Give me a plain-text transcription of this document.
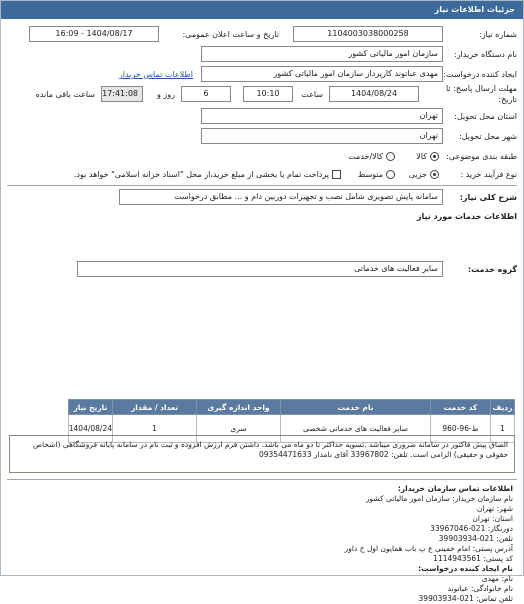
جزئیات اطلاعات نیاز
شماره نیاز:
1104003038000258
تاریخ و ساعت اعلان عمومی:
1404/08/17 - 16:09
نام دستگاه خریدار:
سازمان امور مالیاتی کشور
ایجاد کننده درخواست:
مهدی عباتوند کارپرداز سازمان امور مالیاتی کشور
اطلاعات تماس خریدار
مهلت ارسال پاسخ: تا
تاریخ:
1404/08/24
ساعت
10:10
6
روز و
17:41:08
ساعت باقی مانده
استان محل تحویل:
تهران
شهر محل تحویل:
تهران
طبقه بندی موضوعی:
کالا
کالا/خدمت
نوع فرآیند خرید :
جزیی
متوسط
پرداخت تمام یا بخشی از مبلغ خرید،از محل "اسناد خزانه اسلامی" خواهد بود.
شرح کلی نیاز:
سامانه پایش تصویری شامل نصب و تجهیزات دوربین دام و ... مطابق درخواست
اطلاعات خدمات مورد نیاز
گروه خدمت:
سایر فعالیت های خدماتی
ردیف	کد خدمت	نام خدمت	واحد اندازه گیری	تعداد / مقدار	تاریخ نیاز
1	ط-96-960	سایر فعالیت های خدماتی شخصی	سری	1	1404/08/24
الصاق پیش فاکتور در سامانه ضروری میباشد .تسویه حداکثر تا دو ماه می باشد. داشتن فرم ارزش افزوده و ثبت نام در سامانه پایانه فروشگاهی (اشخاص حقوقی و حقیقی) الزامی است. تلفن: 33967802 آقای نامدار 09354471633
اطلاعات تماس سازمان خریدار:
نام سازمان خریدار: سازمان امور مالیاتی کشور
شهر: تهران
استان: تهران
دورنگار: 021-33967046
تلفن: 021-39903934
آدرس پستی: امام خمینی ع پ باب همایون اول خ داور
کد پستی: 1114943561
نام ایجاد کننده درخواست:
نام: مهدی
نام خانوادگی: عباتوند
تلفن تماس: 021-39903934
